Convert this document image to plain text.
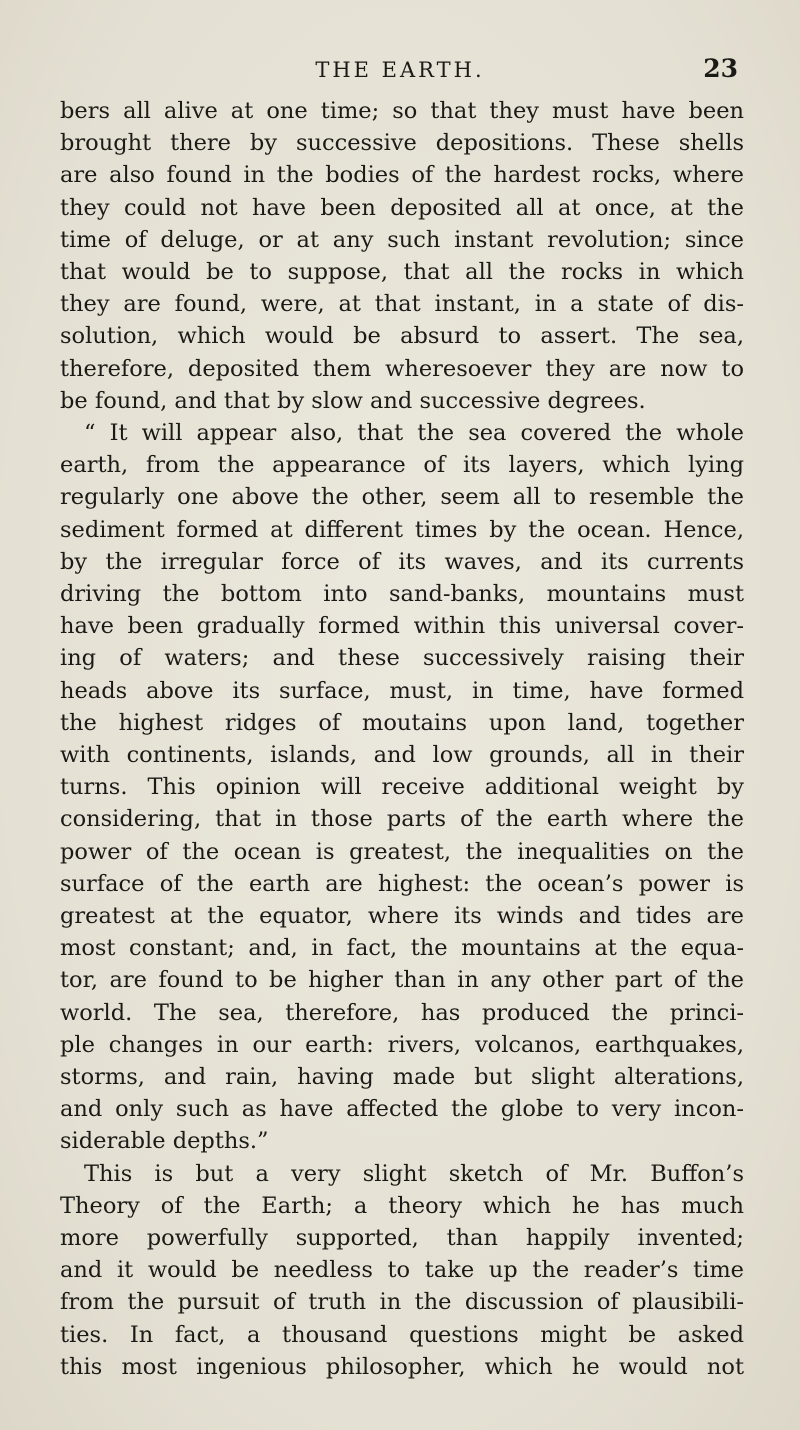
THE EARTH.	23
bers all alive at one time; so that they must have been
brought there by successive depositions. These shells
are also found in the bodies of the hardest rocks, where
they could not have been deposited all at once, at the
time of deluge, or at any such instant revolution; since
that would be to suppose, that all the rocks in which
they are found, were, at that instant, in a state of dis-
solution, which would be absurd to assert. The sea,
therefore, deposited them wheresoever they are now to
be found, and that by slow and successive degrees.
“ It will appear also, that the sea covered the whole
earth, from the appearance of its layers, which lying
regularly one above the other, seem all to resemble the
sediment formed at different times by the ocean. Hence,
by the irregular force of its waves, and its currents
driving the bottom into sand-banks, mountains must
have been gradually formed within this universal cover-
ing of waters; and these successively raising their
heads above its surface, must, in time, have formed
the highest ridges of moutains upon land, together
with continents, islands, and low grounds, all in their
turns. This opinion will receive additional weight by
considering, that in those parts of the earth where the
power of the ocean is greatest, the inequalities on the
surface of the earth are highest: the ocean’s power is
greatest at the equator, where its winds and tides are
most constant; and, in fact, the mountains at the equa-
tor, are found to be higher than in any other part of the
world. The sea, therefore, has produced the princi-
ple changes in our earth: rivers, volcanos, earthquakes,
storms, and rain, having made but slight alterations,
and only such as have affected the globe to very incon-
siderable depths.”
This is but a very slight sketch of Mr. Buffon’s
Theory of the Earth; a theory which he has much
more powerfully supported, than happily invented;
and it would be needless to take up the reader’s time
from the pursuit of truth in the discussion of plausibili-
ties. In fact, a thousand questions might be asked
this most ingenious philosopher, which he would not
